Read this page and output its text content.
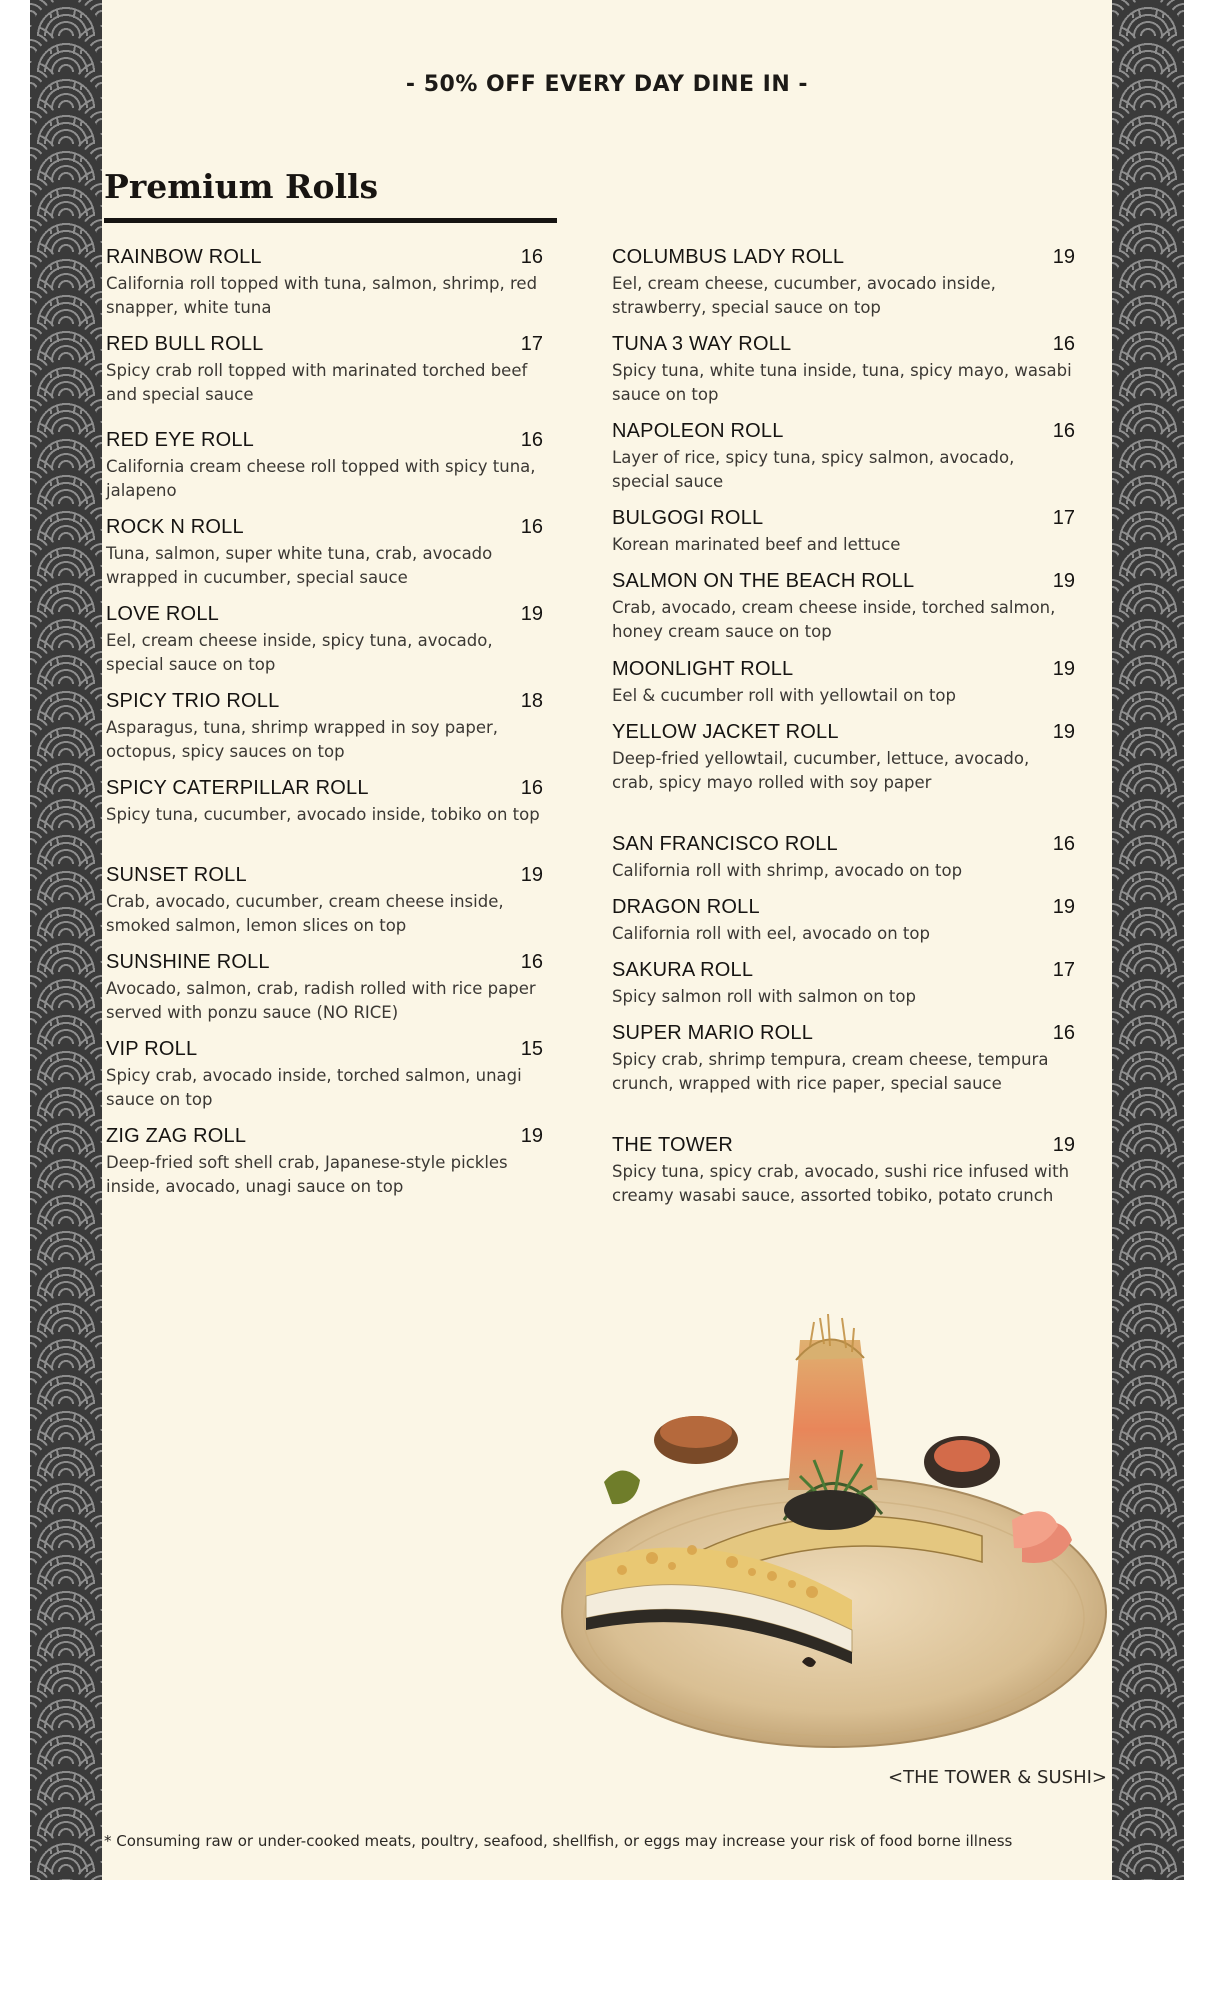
- 50% OFF EVERY DAY DINE IN -
Premium Rolls
RAINBOW ROLL	16
California roll topped with tuna, salmon, shrimp, red snapper, white tuna
RED BULL ROLL	17
Spicy crab roll topped with marinated torched beef and special sauce
RED EYE ROLL	16
California cream cheese roll topped with spicy tuna, jalapeno
ROCK N ROLL	16
Tuna, salmon, super white tuna, crab, avocado wrapped in cucumber, special sauce
LOVE ROLL	19
Eel, cream cheese inside, spicy tuna, avocado, special sauce on top
SPICY TRIO ROLL	18
Asparagus, tuna, shrimp wrapped in soy paper, octopus, spicy sauces on top
SPICY CATERPILLAR ROLL	16
Spicy tuna, cucumber, avocado inside, tobiko on top
SUNSET ROLL	19
Crab, avocado, cucumber, cream cheese inside, smoked salmon, lemon slices on top
SUNSHINE ROLL	16
Avocado, salmon, crab, radish rolled with rice paper served with ponzu sauce (NO RICE)
VIP ROLL	15
Spicy crab, avocado inside, torched salmon, unagi sauce on top
ZIG ZAG ROLL	19
Deep-fried soft shell crab, Japanese-style pickles inside, avocado, unagi sauce on top
COLUMBUS LADY ROLL	19
Eel, cream cheese, cucumber, avocado inside, strawberry, special sauce on top
TUNA 3 WAY ROLL	16
Spicy tuna, white tuna inside, tuna, spicy mayo, wasabi sauce on top
NAPOLEON ROLL	16
Layer of rice, spicy tuna, spicy salmon, avocado, special sauce
BULGOGI ROLL	17
Korean marinated beef and lettuce
SALMON ON THE BEACH ROLL	19
Crab, avocado, cream cheese inside, torched salmon, honey cream sauce on top
MOONLIGHT ROLL	19
Eel & cucumber roll with yellowtail on top
YELLOW JACKET ROLL	19
Deep-fried yellowtail, cucumber, lettuce, avocado, crab, spicy mayo rolled with soy paper
SAN FRANCISCO ROLL	16
California roll with shrimp, avocado on top
DRAGON ROLL	19
California roll with eel, avocado on top
SAKURA ROLL	17
Spicy salmon roll with salmon on top
SUPER MARIO ROLL	16
Spicy crab, shrimp tempura, cream cheese, tempura crunch, wrapped with rice paper, special sauce
THE TOWER	19
Spicy tuna, spicy crab, avocado, sushi rice infused with creamy wasabi sauce, assorted tobiko, potato crunch
<THE TOWER & SUSHI>
* Consuming raw or under-cooked meats, poultry, seafood, shellfish, or eggs may increase your risk of food borne illness
